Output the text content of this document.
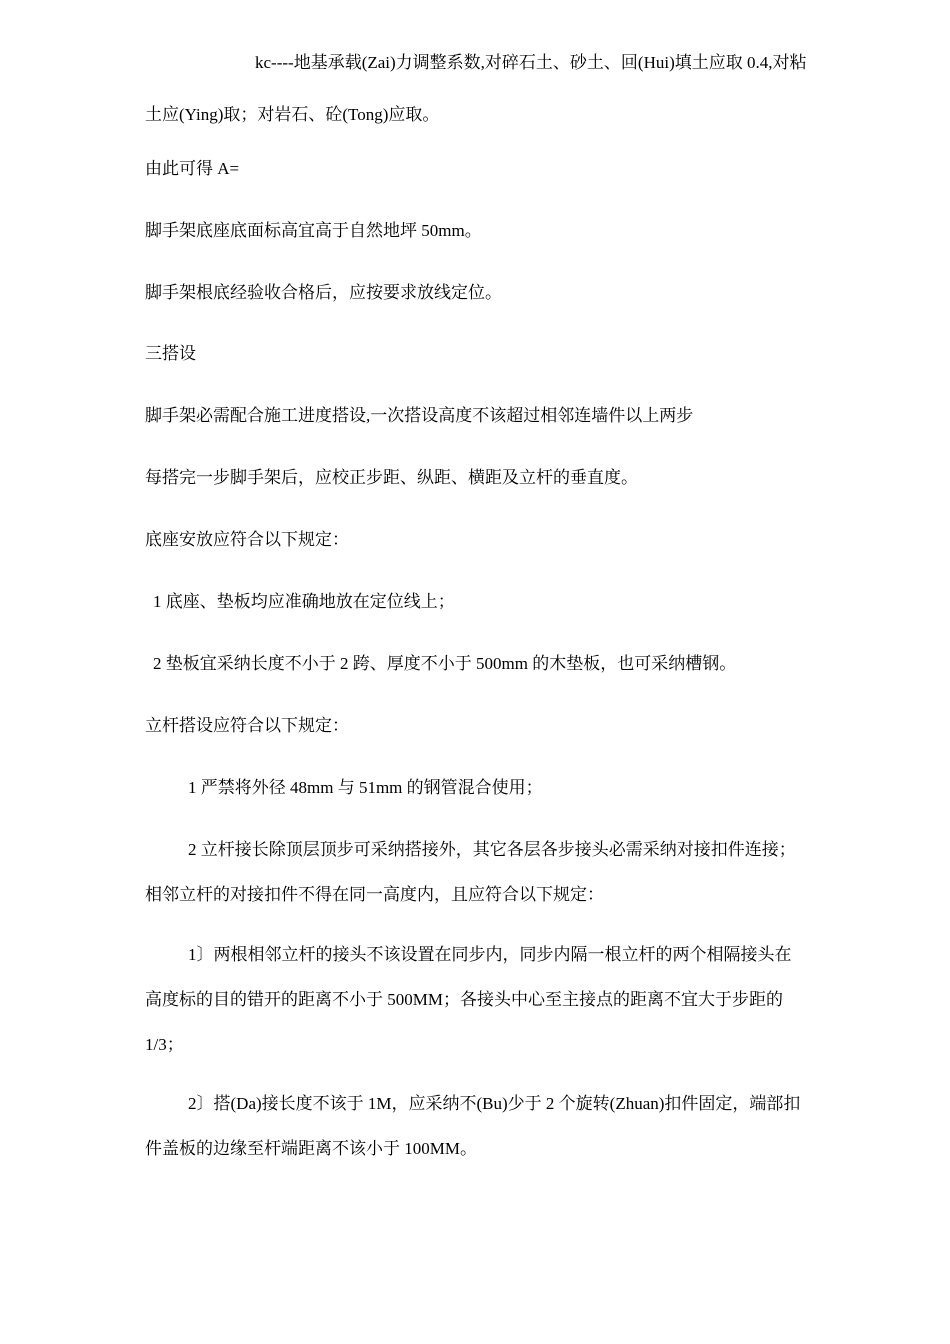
kc----地基承载(Zai)力调整系数,对碎石土、砂土、回(Hui)填土应取 0.4,对粘
土应(Ying)取；对岩石、砼(Tong)应取。
由此可得 A=
脚手架底座底面标高宜高于自然地坪 50mm。
脚手架根底经验收合格后，应按要求放线定位。
三搭设
脚手架必需配合施工进度搭设,一次搭设高度不该超过相邻连墙件以上两步
每搭完一步脚手架后，应校正步距、纵距、横距及立杆的垂直度。
底座安放应符合以下规定：
1 底座、垫板均应准确地放在定位线上；
2 垫板宜采纳长度不小于 2 跨、厚度不小于 500mm 的木垫板，也可采纳槽钢。
立杆搭设应符合以下规定：
1 严禁将外径 48mm 与 51mm 的钢管混合使用；
2 立杆接长除顶层顶步可采纳搭接外，其它各层各步接头必需采纳对接扣件连接；
相邻立杆的对接扣件不得在同一高度内，且应符合以下规定：
1〕两根相邻立杆的接头不该设置在同步内，同步内隔一根立杆的两个相隔接头在
高度标的目的错开的距离不小于 500MM；各接头中心至主接点的距离不宜大于步距的
1/3；
2〕搭(Da)接长度不该于 1M，应采纳不(Bu)少于 2 个旋转(Zhuan)扣件固定，端部扣
件盖板的边缘至杆端距离不该小于 100MM。
